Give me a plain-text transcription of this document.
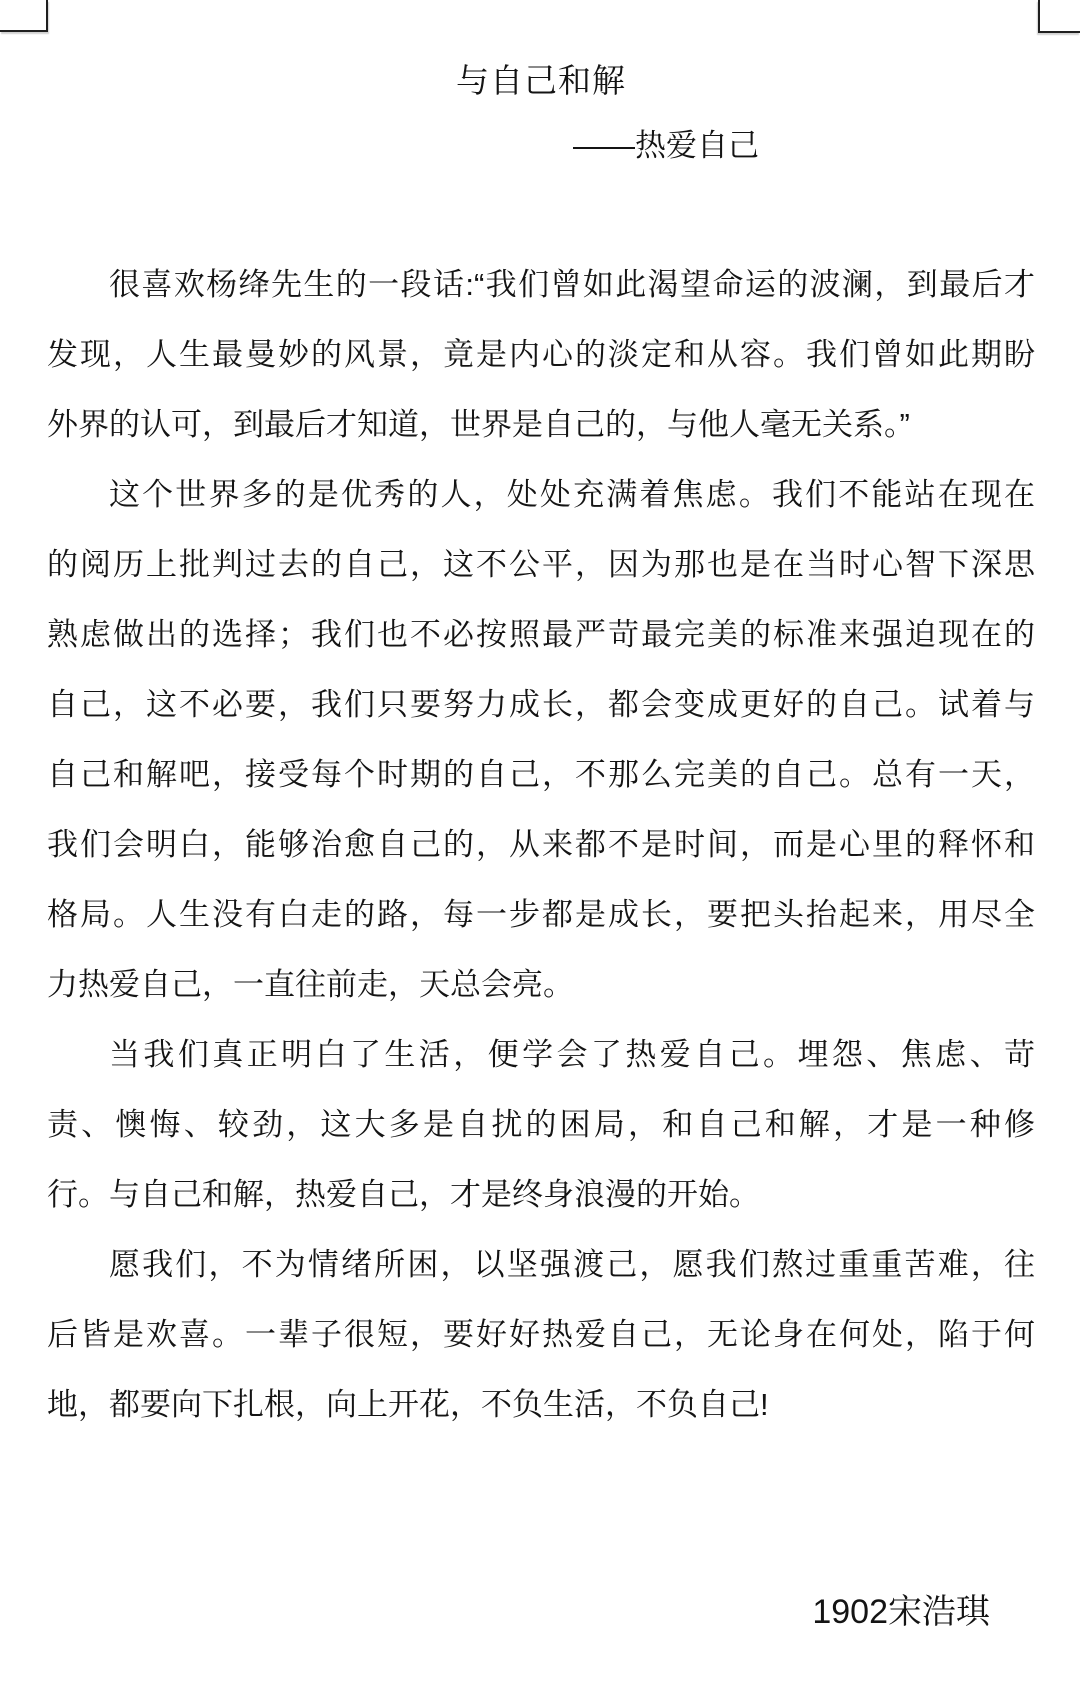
与自己和解
——热爱自己
很喜欢杨绛先生的一段话:“我们曾如此渴望命运的波澜，到最后才
发现，人生最曼妙的风景，竟是内心的淡定和从容。我们曾如此期盼
外界的认可，到最后才知道，世界是自己的，与他人毫无关系。”
这个世界多的是优秀的人，处处充满着焦虑。我们不能站在现在
的阅历上批判过去的自己，这不公平，因为那也是在当时心智下深思
熟虑做出的选择；我们也不必按照最严苛最完美的标准来强迫现在的
自己，这不必要，我们只要努力成长，都会变成更好的自己。试着与
自己和解吧，接受每个时期的自己，不那么完美的自己。总有一天，
我们会明白，能够治愈自己的，从来都不是时间，而是心里的释怀和
格局。人生没有白走的路，每一步都是成长，要把头抬起来，用尽全
力热爱自己，一直往前走，天总会亮。
当我们真正明白了生活，便学会了热爱自己。埋怨、焦虑、苛
责、懊悔、较劲，这大多是自扰的困局，和自己和解，才是一种修
行。与自己和解，热爱自己，才是终身浪漫的开始。
愿我们，不为情绪所困，以坚强渡己，愿我们熬过重重苦难，往
后皆是欢喜。一辈子很短，要好好热爱自己，无论身在何处，陷于何
地，都要向下扎根，向上开花，不负生活，不负自己!
1902宋浩琪
